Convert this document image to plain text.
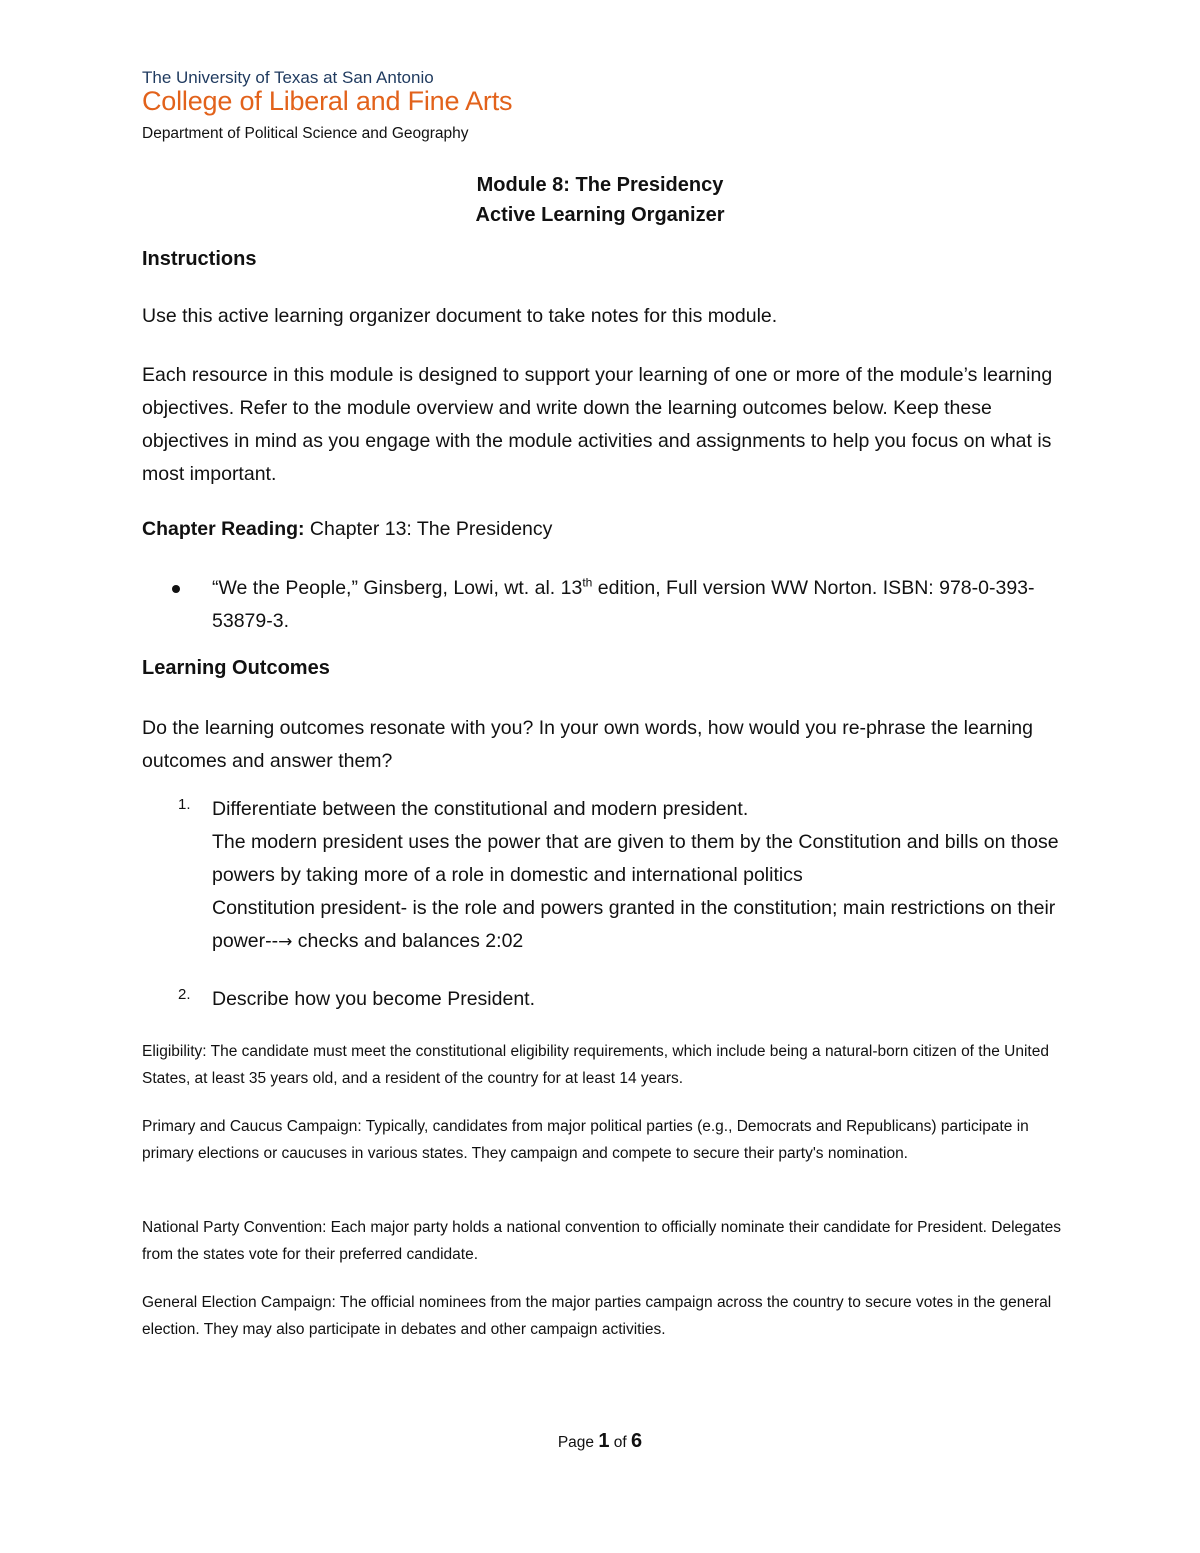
The University of Texas at San Antonio
College of Liberal and Fine Arts
Department of Political Science and Geography
Module 8: The Presidency
Active Learning Organizer
Instructions
Use this active learning organizer document to take notes for this module.
Each resource in this module is designed to support your learning of one or more of the module’s learning objectives. Refer to the module overview and write down the learning outcomes below. Keep these objectives in mind as you engage with the module activities and assignments to help you focus on what is most important.
Chapter Reading: Chapter 13: The Presidency
“We the People,” Ginsberg, Lowi, wt. al. 13th edition, Full version WW Norton. ISBN: 978-0-393-53879-3.
Learning Outcomes
Do the learning outcomes resonate with you? In your own words, how would you re-phrase the learning outcomes and answer them?
1. Differentiate between the constitutional and modern president.
The modern president uses the power that are given to them by the Constitution and bills on those powers by taking more of a role in domestic and international politics
Constitution president- is the role and powers granted in the constitution; main restrictions on their power--→ checks and balances 2:02
2. Describe how you become President.
Eligibility: The candidate must meet the constitutional eligibility requirements, which include being a natural-born citizen of the United States, at least 35 years old, and a resident of the country for at least 14 years.
Primary and Caucus Campaign: Typically, candidates from major political parties (e.g., Democrats and Republicans) participate in primary elections or caucuses in various states. They campaign and compete to secure their party's nomination.
National Party Convention: Each major party holds a national convention to officially nominate their candidate for President. Delegates from the states vote for their preferred candidate.
General Election Campaign: The official nominees from the major parties campaign across the country to secure votes in the general election. They may also participate in debates and other campaign activities.
Page 1 of 6
